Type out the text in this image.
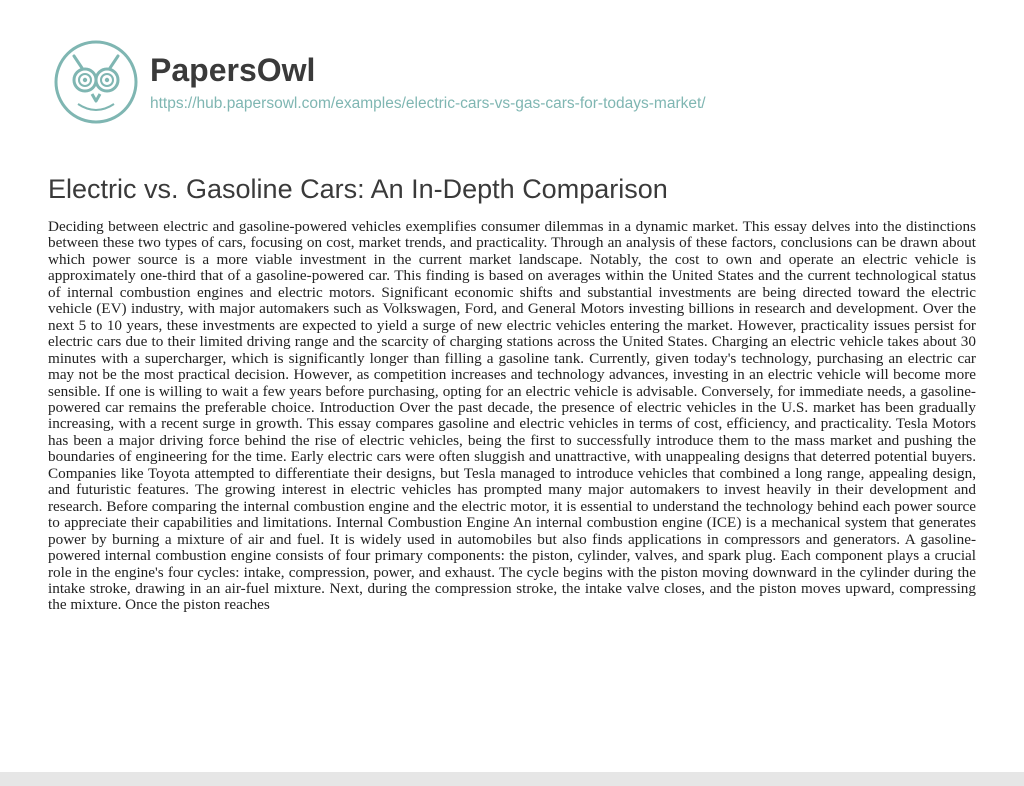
PapersOwl
https://hub.papersowl.com/examples/electric-cars-vs-gas-cars-for-todays-market/
Electric vs. Gasoline Cars: An In-Depth Comparison

Deciding between electric and gasoline-powered vehicles exemplifies consumer dilemmas in a dynamic market. This essay delves into the distinctions between these two types of cars, focusing on cost, market trends, and practicality. Through an analysis of these factors, conclusions can be drawn about which power source is a more viable investment in the current market landscape. Notably, the cost to own and operate an electric vehicle is approximately one-third that of a gasoline-powered car. This finding is based on averages within the United States and the current technological status of internal combustion engines and electric motors. Significant economic shifts and substantial investments are being directed toward the electric vehicle (EV) industry, with major automakers such as Volkswagen, Ford, and General Motors investing billions in research and development. Over the next 5 to 10 years, these investments are expected to yield a surge of new electric vehicles entering the market. However, practicality issues persist for electric cars due to their limited driving range and the scarcity of charging stations across the United States. Charging an electric vehicle takes about 30 minutes with a supercharger, which is significantly longer than filling a gasoline tank. Currently, given today's technology, purchasing an electric car may not be the most practical decision. However, as competition increases and technology advances, investing in an electric vehicle will become more sensible. If one is willing to wait a few years before purchasing, opting for an electric vehicle is advisable. Conversely, for immediate needs, a gasoline-powered car remains the preferable choice. Introduction Over the past decade, the presence of electric vehicles in the U.S. market has been gradually increasing, with a recent surge in growth. This essay compares gasoline and electric vehicles in terms of cost, efficiency, and practicality. Tesla Motors has been a major driving force behind the rise of electric vehicles, being the first to successfully introduce them to the mass market and pushing the boundaries of engineering for the time. Early electric cars were often sluggish and unattractive, with unappealing designs that deterred potential buyers. Companies like Toyota attempted to differentiate their designs, but Tesla managed to introduce vehicles that combined a long range, appealing design, and futuristic features. The growing interest in electric vehicles has prompted many major automakers to invest heavily in their development and research. Before comparing the internal combustion engine and the electric motor, it is essential to understand the technology behind each power source to appreciate their capabilities and limitations. Internal Combustion Engine An internal combustion engine (ICE) is a mechanical system that generates power by burning a mixture of air and fuel. It is widely used in automobiles but also finds applications in compressors and generators. A gasoline-powered internal combustion engine consists of four primary components: the piston, cylinder, valves, and spark plug. Each component plays a crucial role in the engine's four cycles: intake, compression, power, and exhaust. The cycle begins with the piston moving downward in the cylinder during the intake stroke, drawing in an air-fuel mixture. Next, during the compression stroke, the intake valve closes, and the piston moves upward, compressing the mixture. Once the piston reaches
